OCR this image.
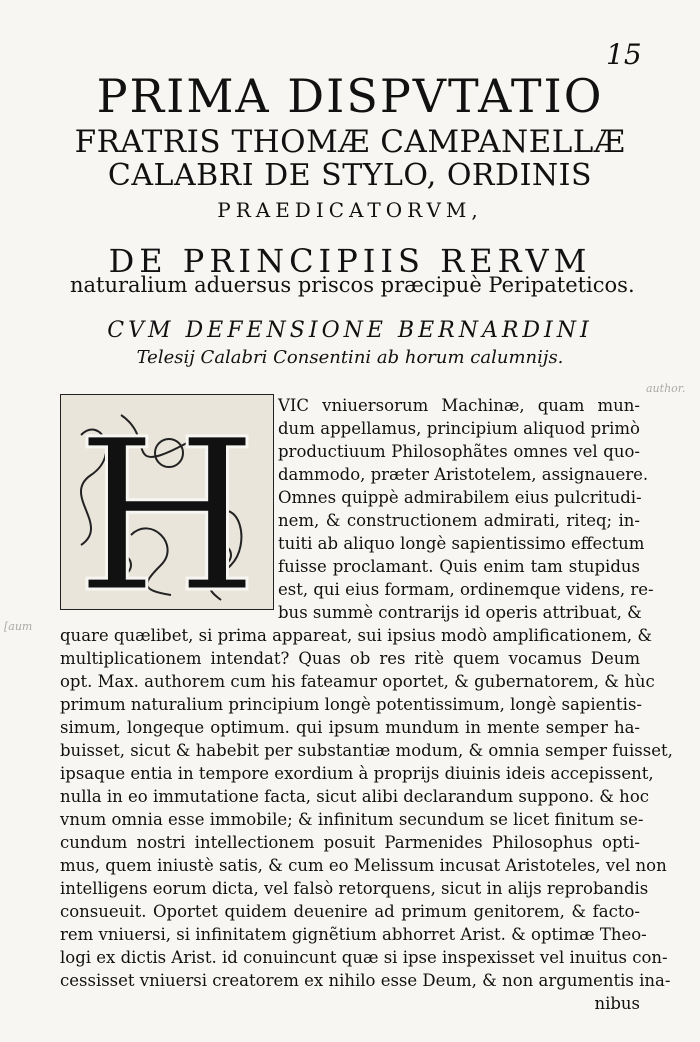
15
PRIMA DISPVTATIO
FRATRIS THOMÆ CAMPANELLÆ
CALABRI DE STYLO, ORDINIS
PRAEDICATORVM,
DE PRINCIPIIS RERVM
naturalium aduersus priscos præcipuè Peripateticos.
CVM DEFENSIONE BERNARDINI
Telesij Calabri Consentini ab horum calumnijs.
author.
[aum H VIC vniuersorum Machinæ, quam mun-
dum appellamus, principium aliquod primò
productiuum Philosophãtes omnes vel quo-
dammodo, præter Aristotelem, assignauere.
Omnes quippè admirabilem eius pulcritudi-
nem, & constructionem admirati, riteq; in-
tuiti ab aliquo longè sapientissimo effectum
fuisse proclamant. Quis enim tam stupidus
est, qui eius formam, ordinemque videns, re-
bus summè contrarijs id operis attribuat, &
quare quælibet, si prima appareat, sui ipsius modò amplificationem, &
multiplicationem intendat? Quas ob res ritè quem vocamus Deum
opt. Max. authorem cum his fateamur oportet, & gubernatorem, & hùc
primum naturalium principium longè potentissimum, longè sapientis-
simum, longeque optimum. qui ipsum mundum in mente semper ha-
buisset, sicut & habebit per substantiæ modum, & omnia semper fuisset,
ipsaque entia in tempore exordium à proprijs diuinis ideis accepissent,
nulla in eo immutatione facta, sicut alibi declarandum suppono. & hoc
vnum omnia esse immobile; & infinitum secundum se licet finitum se-
cundum nostri intellectionem posuit Parmenides Philosophus opti-
mus, quem iniustè satis, & cum eo Melissum incusat Aristoteles, vel non
intelligens eorum dicta, vel falsò retorquens, sicut in alijs reprobandis
consueuit. Oportet quidem deuenire ad primum genitorem, & facto-
rem vniuersi, si infinitatem gignẽtium abhorret Arist. & optimæ Theo-
logi ex dictis Arist. id conuincunt quæ si ipse inspexisset vel inuitus con-
cessisset vniuersi creatorem ex nihilo esse Deum, & non argumentis ina-
nibus
